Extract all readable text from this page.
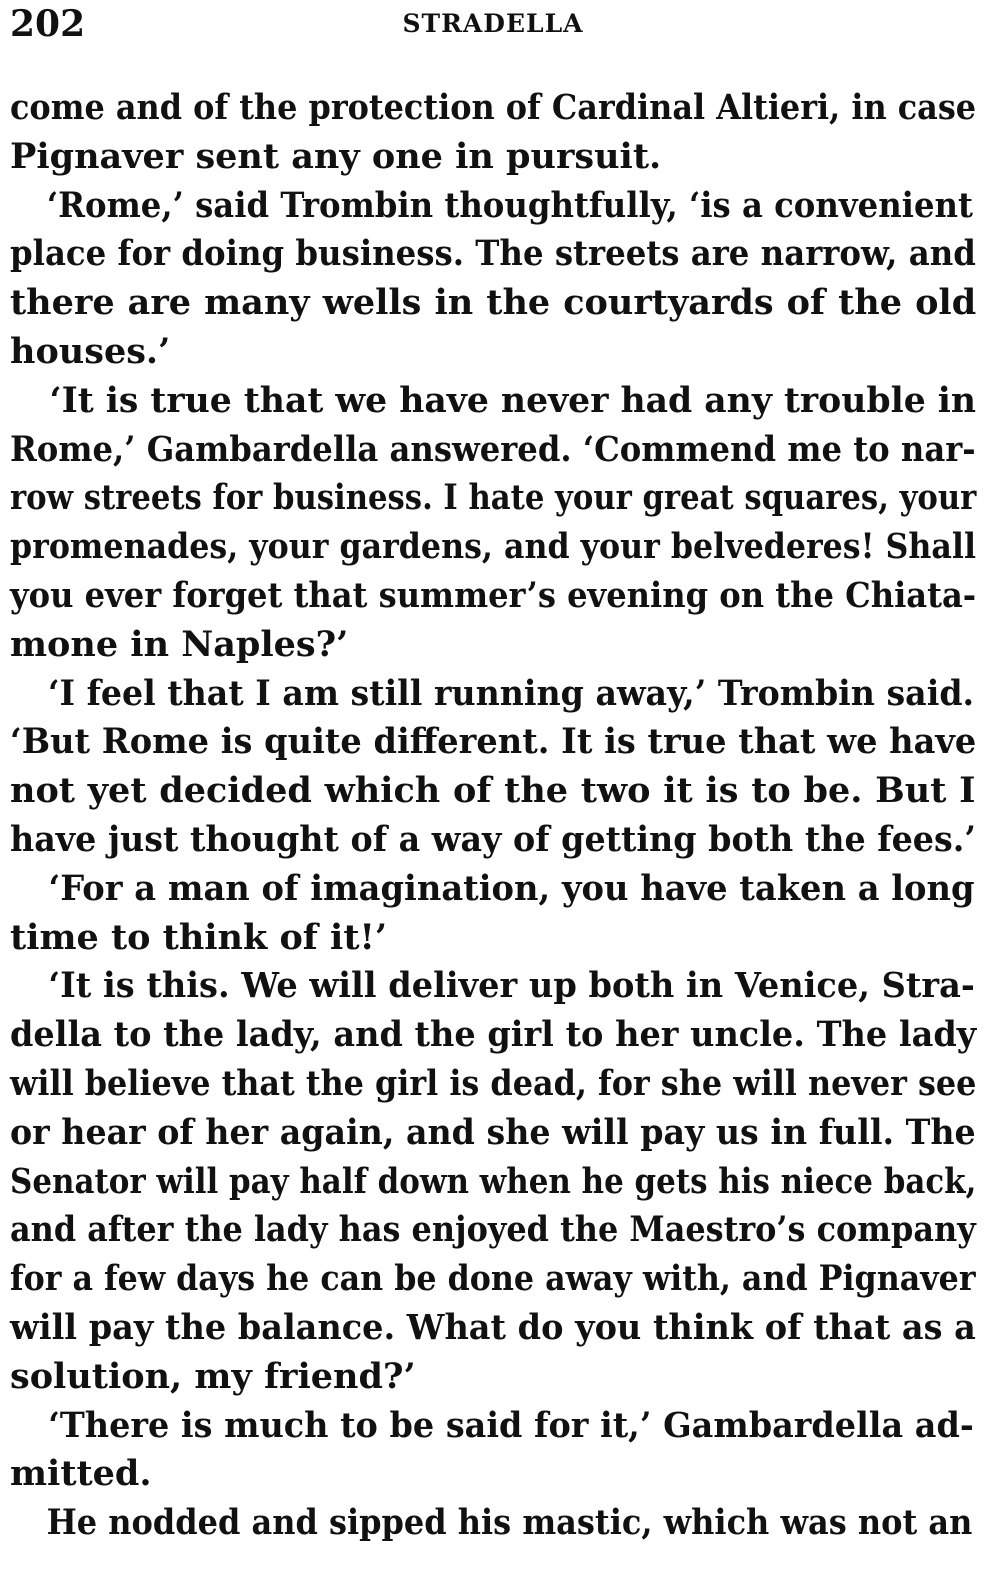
202	STRADELLA
come and of the protection of Cardinal Altieri, in case
Pignaver sent any one in pursuit.
‘Rome,’ said Trombin thoughtfully, ‘is a convenient
place for doing business. The streets are narrow, and
there are many wells in the courtyards of the old
houses.’
‘It is true that we have never had any trouble in
Rome,’ Gambardella answered. ‘Commend me to nar-
row streets for business. I hate your great squares, your
promenades, your gardens, and your belvederes! Shall
you ever forget that summer’s evening on the Chiata-
mone in Naples?’
‘I feel that I am still running away,’ Trombin said.
‘But Rome is quite different. It is true that we have
not yet decided which of the two it is to be. But I
have just thought of a way of getting both the fees.’
‘For a man of imagination, you have taken a long
time to think of it!’
‘It is this. We will deliver up both in Venice, Stra-
della to the lady, and the girl to her uncle. The lady
will believe that the girl is dead, for she will never see
or hear of her again, and she will pay us in full. The
Senator will pay half down when he gets his niece back,
and after the lady has enjoyed the Maestro’s company
for a few days he can be done away with, and Pignaver
will pay the balance. What do you think of that as a
solution, my friend?’
‘There is much to be said for it,’ Gambardella ad-
mitted.
He nodded and sipped his mastic, which was not an
